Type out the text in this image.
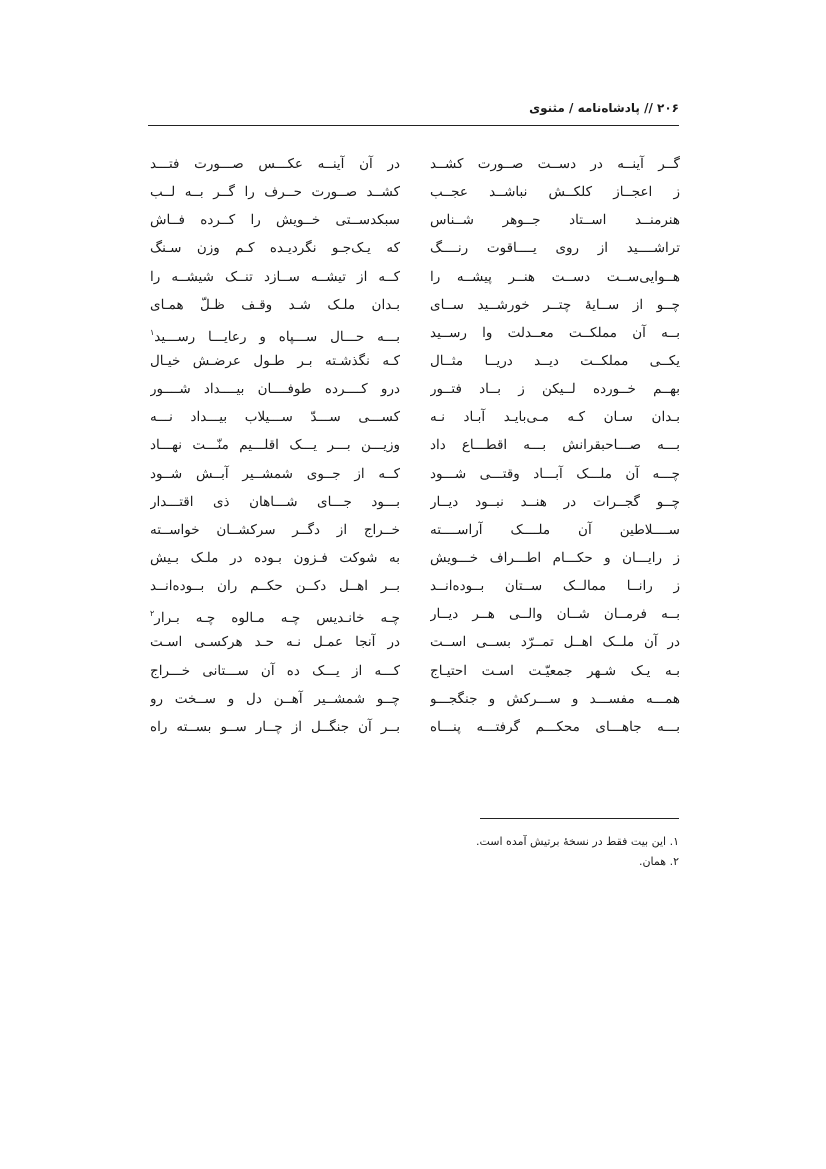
۲۰۶ // پادشاه‌نامه / مثنوی
گــر آینــه در دســت صــورت کشــد
ز اعجــاز کلکــش نباشــد عجــب
هنرمنــد اســتاد جــوهر شــناس
تراشــــید از روی یــــاقوت رنــــگ
هــوایی‌ســت دســت هنــر پیشــه را
چــو از ســایهٔ چتــر خورشــید ســای
بــه آن مملکــت معــدلت وا رســید
یکــی مملکــت دیــد دریــا مثــال
بهــم خــورده لــیکن ز بــاد فتــور
بـدان سـان کـه مـی‌بایـد آبـاد نـه
بـــه صـــاحبقرانش بـــه اقطـــاع داد
چـــه آن ملـــک آبـــاد وقتـــی شـــود
چــو گجــرات در هنــد نبــود دیــار
ســــلاطین آن ملــــک آراســــته
ز رایـــان و حکـــام اطـــراف خـــویش
ز رانــا ممالــک ســتان بــوده‌انــد
بــه فرمــان شــان والــی هــر دیــار
در آن ملــک اهــل تمــرّد بســی اســت
بـه یـک شـهر جمعیّـت اسـت احتیـاج
همـــه مفســـد و ســـرکش و جنگجـــو
بـــه جاهـــای محکـــم گرفتـــه پنـــاه
در آن آینــه عکـــس صـــورت فتـــد
کشــد صــورت حــرف را گــر بــه لــب
سبکدســتی خــویش را کــرده فــاش
که یـک‌جـو نگردیـده کـم وزن سـنگ
کــه از تیشــه ســازد تنــک شیشــه را
بـدان ملـک شـد وقـف ظـلّ همـای
بـــه حـــال ســـپاه و رعایـــا رســـید$^۱$
کـه نگذشـته بـر طـول عرضـش خیـال
درو کــــرده طوفــــان بیــــداد شــــور
کســـی ســـدّ ســـیلاب بیـــداد نـــه
وزیـــن بـــر یـــک اقلـــیم منّـــت نهـــاد
کــه از جــوی شمشــیر آبــش شــود
بـــود جـــای شـــاهان ذی اقتـــدار
خــراج از دگــر سرکشــان خواســته
به شوکت فـزون بـوده در ملـک بـیش
بــر اهــل دکــن حکــم ران بــوده‌انــد
چـه خانـدیس چـه مـالوه چـه بـرار$^۲$
در آنجا عمـل نـه حـد هرکسـی اسـت
کـــه از یـــک ده آن ســـتانی خـــراج
چــو شمشــیر آهــن دل و ســخت رو
بــر آن جنگــل از چــار ســو بســته راه
۱. این بیت فقط در نسخهٔ برتیش آمده است.
۲. همان.
